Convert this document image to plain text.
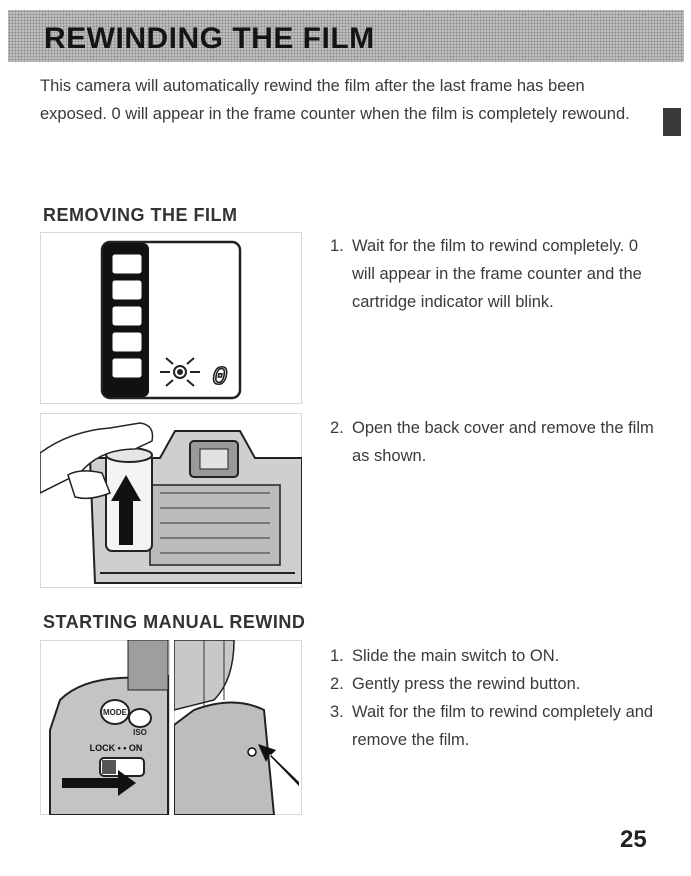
REWINDING THE FILM

This camera will automatically rewind the film after the last frame has been exposed. 0 will appear in the frame counter when the film is completely rewound.

REMOVING THE FILM
0
1. Wait for the film to rewind completely. 0 will appear in the frame counter and the cartridge indicator will blink.
2. Open the back cover and remove the film as shown.
STARTING MANUAL REWIND
MODE
ISO
LOCK • • ON
1. Slide the main switch to ON.
2. Gently press the rewind button.
3. Wait for the film to rewind completely and remove the film.
25
